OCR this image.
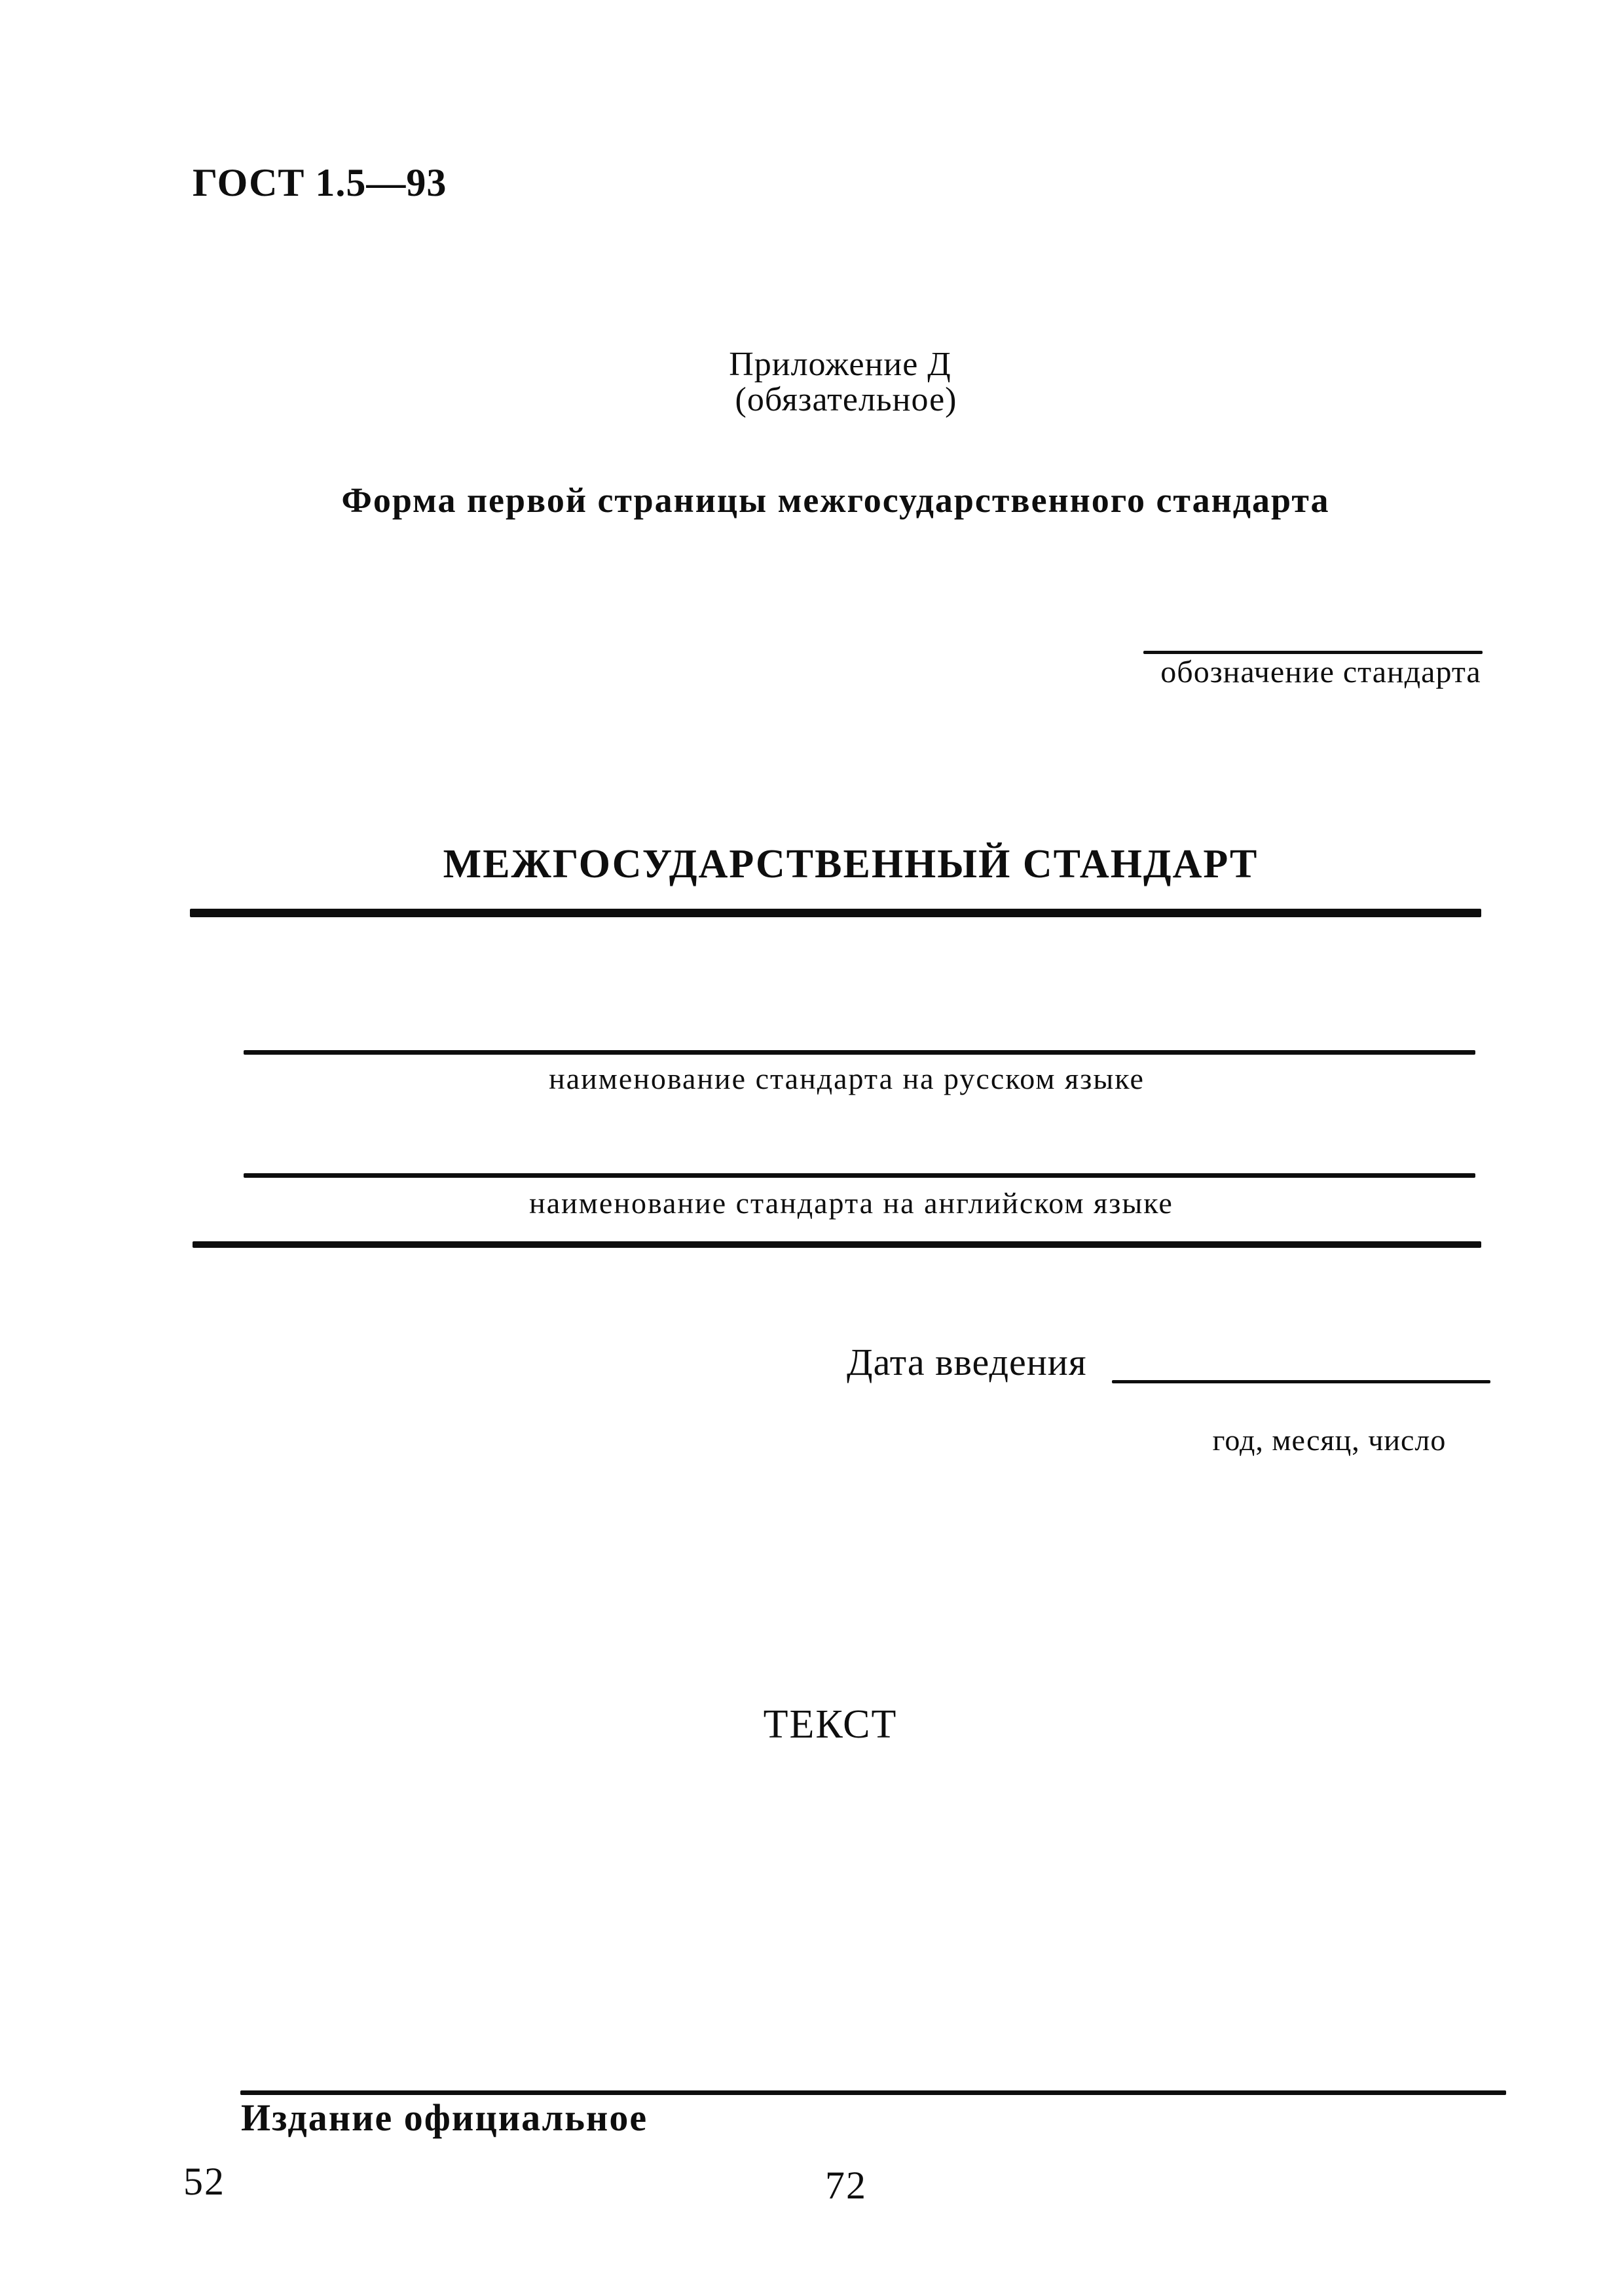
ГОСТ 1.5—93
Приложение Д
(обязательное)
Форма первой страницы межгосударственного стандарта
обозначение стандарта
МЕЖГОСУДАРСТВЕННЫЙ СТАНДАРТ
наименование стандарта на русском языке
наименование стандарта на английском языке
Дата введения
год, месяц, число
ТЕКСТ
Издание официальное
52	72
